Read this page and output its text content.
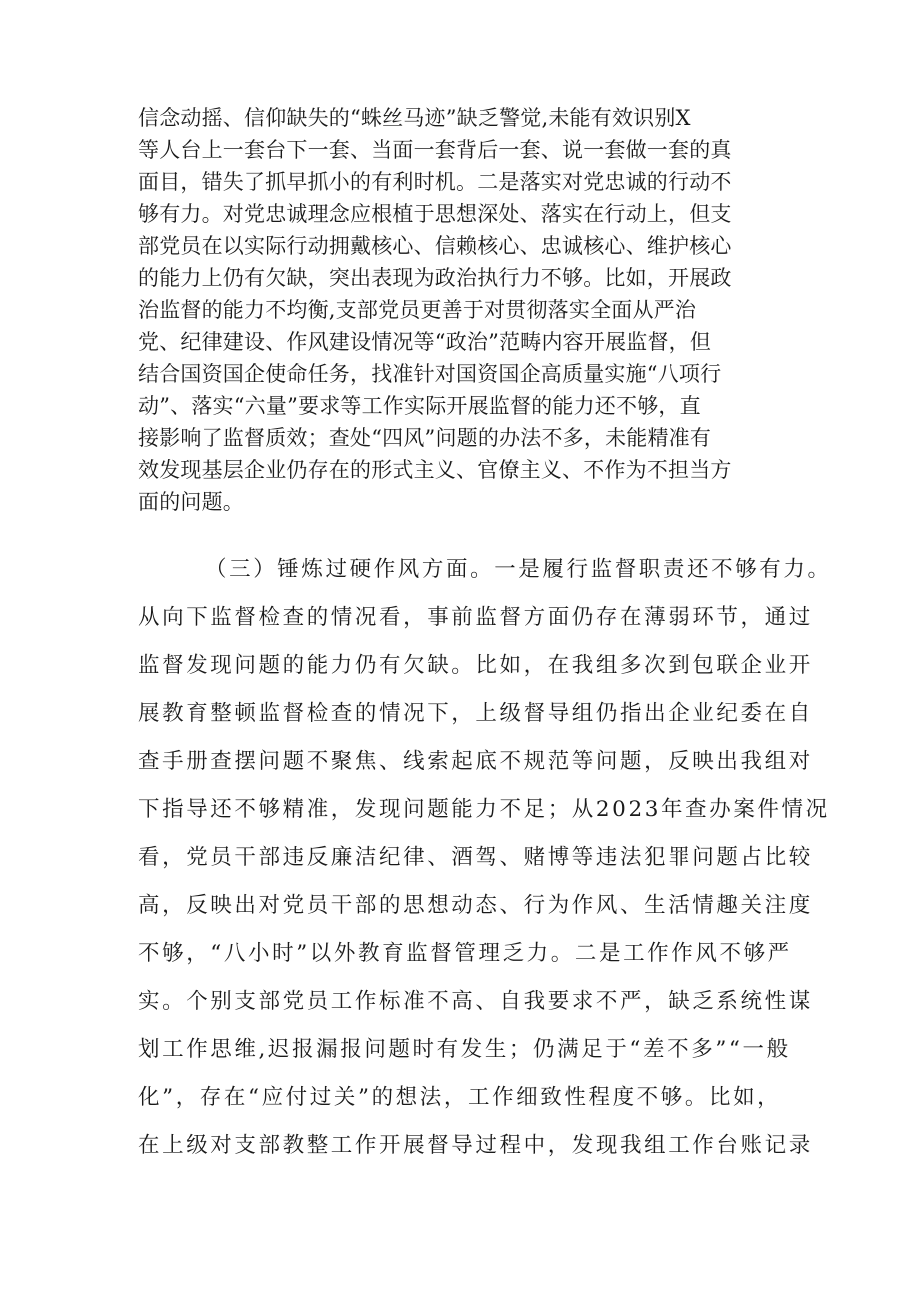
信念动摇、信仰缺失的“蛛丝马迹”缺乏警觉,未能有效识别X
等人台上一套台下一套、当面一套背后一套、说一套做一套的真
面目，错失了抓早抓小的有利时机。二是落实对党忠诚的行动不
够有力。对党忠诚理念应根植于思想深处、落实在行动上，但支
部党员在以实际行动拥戴核心、信赖核心、忠诚核心、维护核心
的能力上仍有欠缺，突出表现为政治执行力不够。比如，开展政
治监督的能力不均衡,支部党员更善于对贯彻落实全面从严治
党、纪律建设、作风建设情况等“政治”范畴内容开展监督，但
结合国资国企使命任务，找准针对国资国企高质量实施“八项行
动”、落实“六量”要求等工作实际开展监督的能力还不够，直
接影响了监督质效；查处“四风”问题的办法不多，未能精准有
效发现基层企业仍存在的形式主义、官僚主义、不作为不担当方
面的问题。
（三）锤炼过硬作风方面。一是履行监督职责还不够有力。
从向下监督检查的情况看，事前监督方面仍存在薄弱环节，通过
监督发现问题的能力仍有欠缺。比如，在我组多次到包联企业开
展教育整顿监督检查的情况下，上级督导组仍指出企业纪委在自
查手册查摆问题不聚焦、线索起底不规范等问题，反映出我组对
下指导还不够精准，发现问题能力不足；从2023年查办案件情况
看，党员干部违反廉洁纪律、酒驾、赌博等违法犯罪问题占比较
高，反映出对党员干部的思想动态、行为作风、生活情趣关注度
不够，“八小时”以外教育监督管理乏力。二是工作作风不够严
实。个别支部党员工作标准不高、自我要求不严，缺乏系统性谋
划工作思维,迟报漏报问题时有发生；仍满足于“差不多”“一般
化”，存在“应付过关”的想法，工作细致性程度不够。比如，
在上级对支部教整工作开展督导过程中，发现我组工作台账记录
